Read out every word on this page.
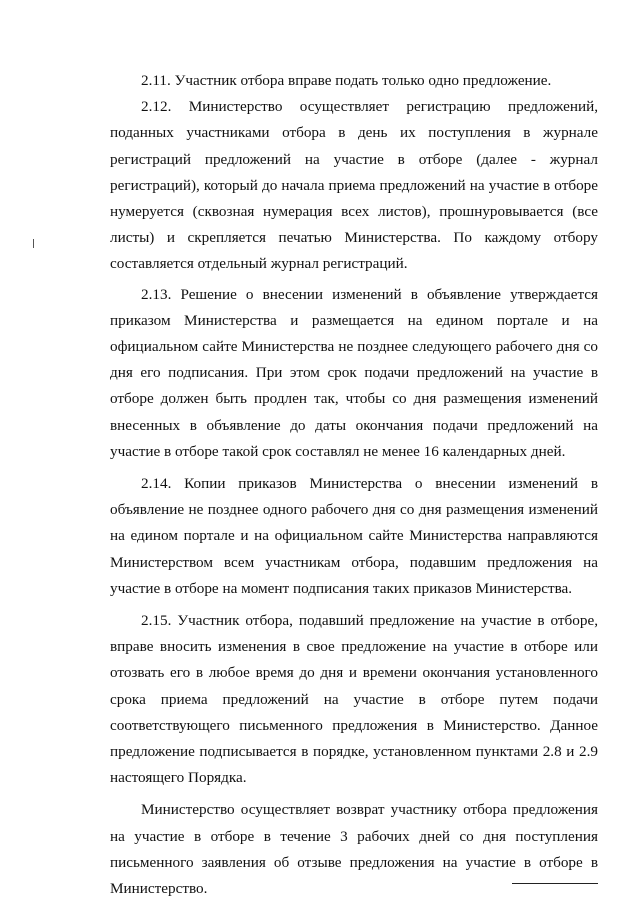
2.11. Участник отбора вправе подать только одно предложение.

2.12. Министерство осуществляет регистрацию предложений, поданных участниками отбора в день их поступления в журнале регистраций предложений на участие в отборе (далее - журнал регистраций), который до начала приема предложений на участие в отборе нумеруется (сквозная нумерация всех листов), прошнуровывается (все листы) и скрепляется печатью Министерства. По каждому отбору составляется отдельный журнал регистраций.

2.13. Решение о внесении изменений в объявление утверждается приказом Министерства и размещается на едином портале и на официальном сайте Министерства не позднее следующего рабочего дня со дня его подписания. При этом срок подачи предложений на участие в отборе должен быть продлен так, чтобы со дня размещения изменений внесенных в объявление до даты окончания подачи предложений на участие в отборе такой срок составлял не менее 16 календарных дней.

2.14. Копии приказов Министерства о внесении изменений в объявление не позднее одного рабочего дня со дня размещения изменений на едином портале и на официальном сайте Министерства направляются Министерством всем участникам отбора, подавшим предложения на участие в отборе на момент подписания таких приказов Министерства.

2.15. Участник отбора, подавший предложение на участие в отборе, вправе вносить изменения в свое предложение на участие в отборе или отозвать его в любое время до дня и времени окончания установленного срока приема предложений на участие в отборе путем подачи соответствующего письменного предложения в Министерство. Данное предложение подписывается в порядке, установленном пунктами 2.8 и 2.9 настоящего Порядка.

Министерство осуществляет возврат участнику отбора предложения на участие в отборе в течение 3 рабочих дней со дня поступления письменного заявления об отзыве предложения на участие в отборе в Министерство.
